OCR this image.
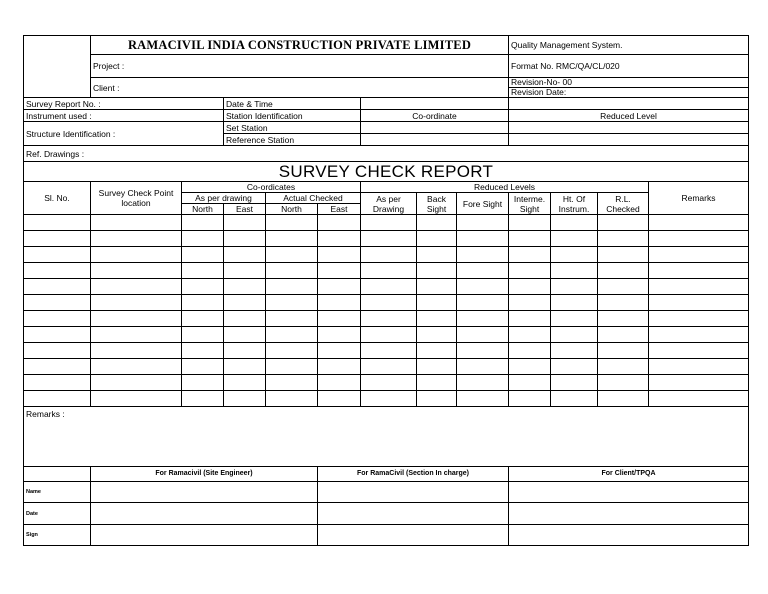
	RAMACIVIL INDIA CONSTRUCTION PRIVATE LIMITED								Quality Management System.			
	Project :								Format No. RMC/QA/CL/020			
	Client :								Revision-No- 00
Revision Date:			

Survey Report No. :			Date & Time									
Instrument used :			Station Identification			Co-ordinate			Reduced Level			
Structure Identification :			Set Station									
			Reference Station									
Ref. Drawings :												
SURVEY CHECK REPORT												
Sl. No.	Survey Check Point location	Co-ordicates				Reduced Levels						Remarks
		As per drawing		Actual Checked		As per Drawing	Back Sight	Fore Sight	Interme. Sight	Ht. Of Instrum.	R.L. Checked	
		North	East	North	East							

Remarks :												
	For Ramacivil (Site Engineer)				For RamaCivil (Section In charge)				For Client/TPQA			
Name												
Date												
Sign												
